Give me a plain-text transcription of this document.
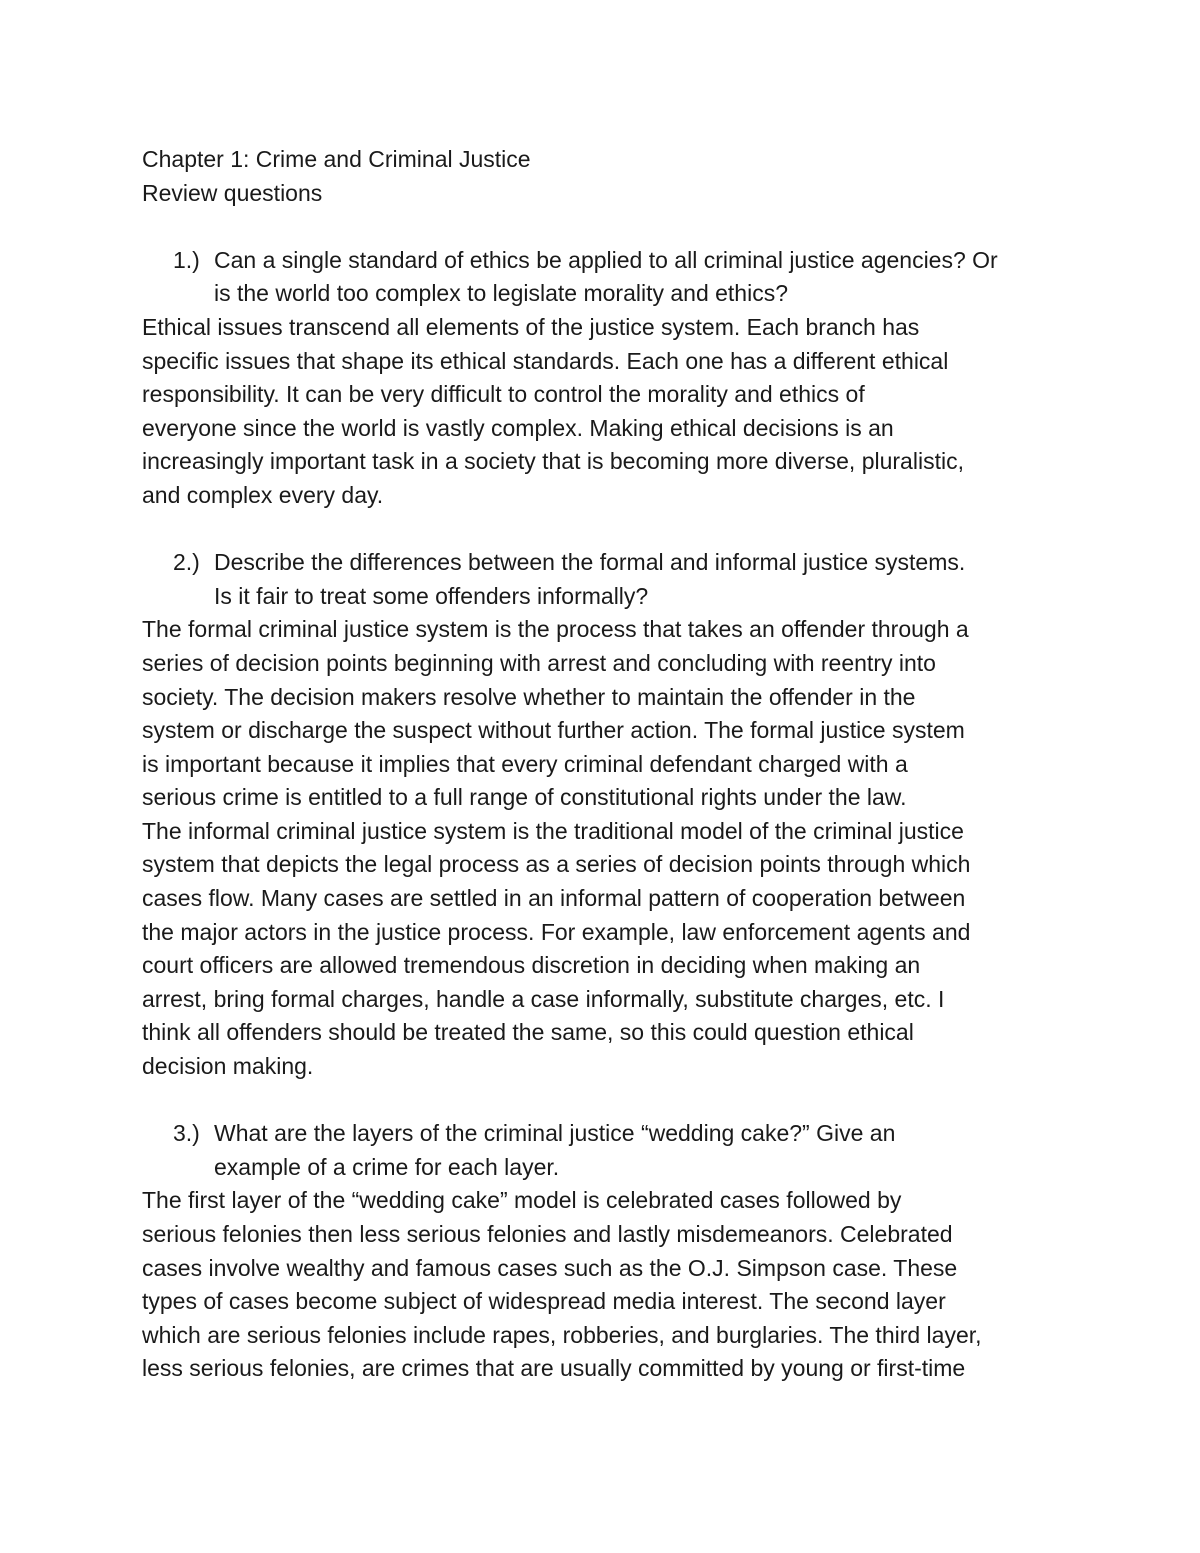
Chapter 1: Crime and Criminal Justice
Review questions
1.) Can a single standard of ethics be applied to all criminal justice agencies? Or
is the world too complex to legislate morality and ethics?
Ethical issues transcend all elements of the justice system. Each branch has
specific issues that shape its ethical standards. Each one has a different ethical
responsibility. It can be very difficult to control the morality and ethics of
everyone since the world is vastly complex. Making ethical decisions is an
increasingly important task in a society that is becoming more diverse, pluralistic,
and complex every day.
2.) Describe the differences between the formal and informal justice systems.
Is it fair to treat some offenders informally?
The formal criminal justice system is the process that takes an offender through a
series of decision points beginning with arrest and concluding with reentry into
society. The decision makers resolve whether to maintain the offender in the
system or discharge the suspect without further action. The formal justice system
is important because it implies that every criminal defendant charged with a
serious crime is entitled to a full range of constitutional rights under the law.
The informal criminal justice system is the traditional model of the criminal justice
system that depicts the legal process as a series of decision points through which
cases flow. Many cases are settled in an informal pattern of cooperation between
the major actors in the justice process. For example, law enforcement agents and
court officers are allowed tremendous discretion in deciding when making an
arrest, bring formal charges, handle a case informally, substitute charges, etc. I
think all offenders should be treated the same, so this could question ethical
decision making.
3.) What are the layers of the criminal justice “wedding cake?” Give an
example of a crime for each layer.
The first layer of the “wedding cake” model is celebrated cases followed by
serious felonies then less serious felonies and lastly misdemeanors. Celebrated
cases involve wealthy and famous cases such as the O.J. Simpson case. These
types of cases become subject of widespread media interest. The second layer
which are serious felonies include rapes, robberies, and burglaries. The third layer,
less serious felonies, are crimes that are usually committed by young or first-time
